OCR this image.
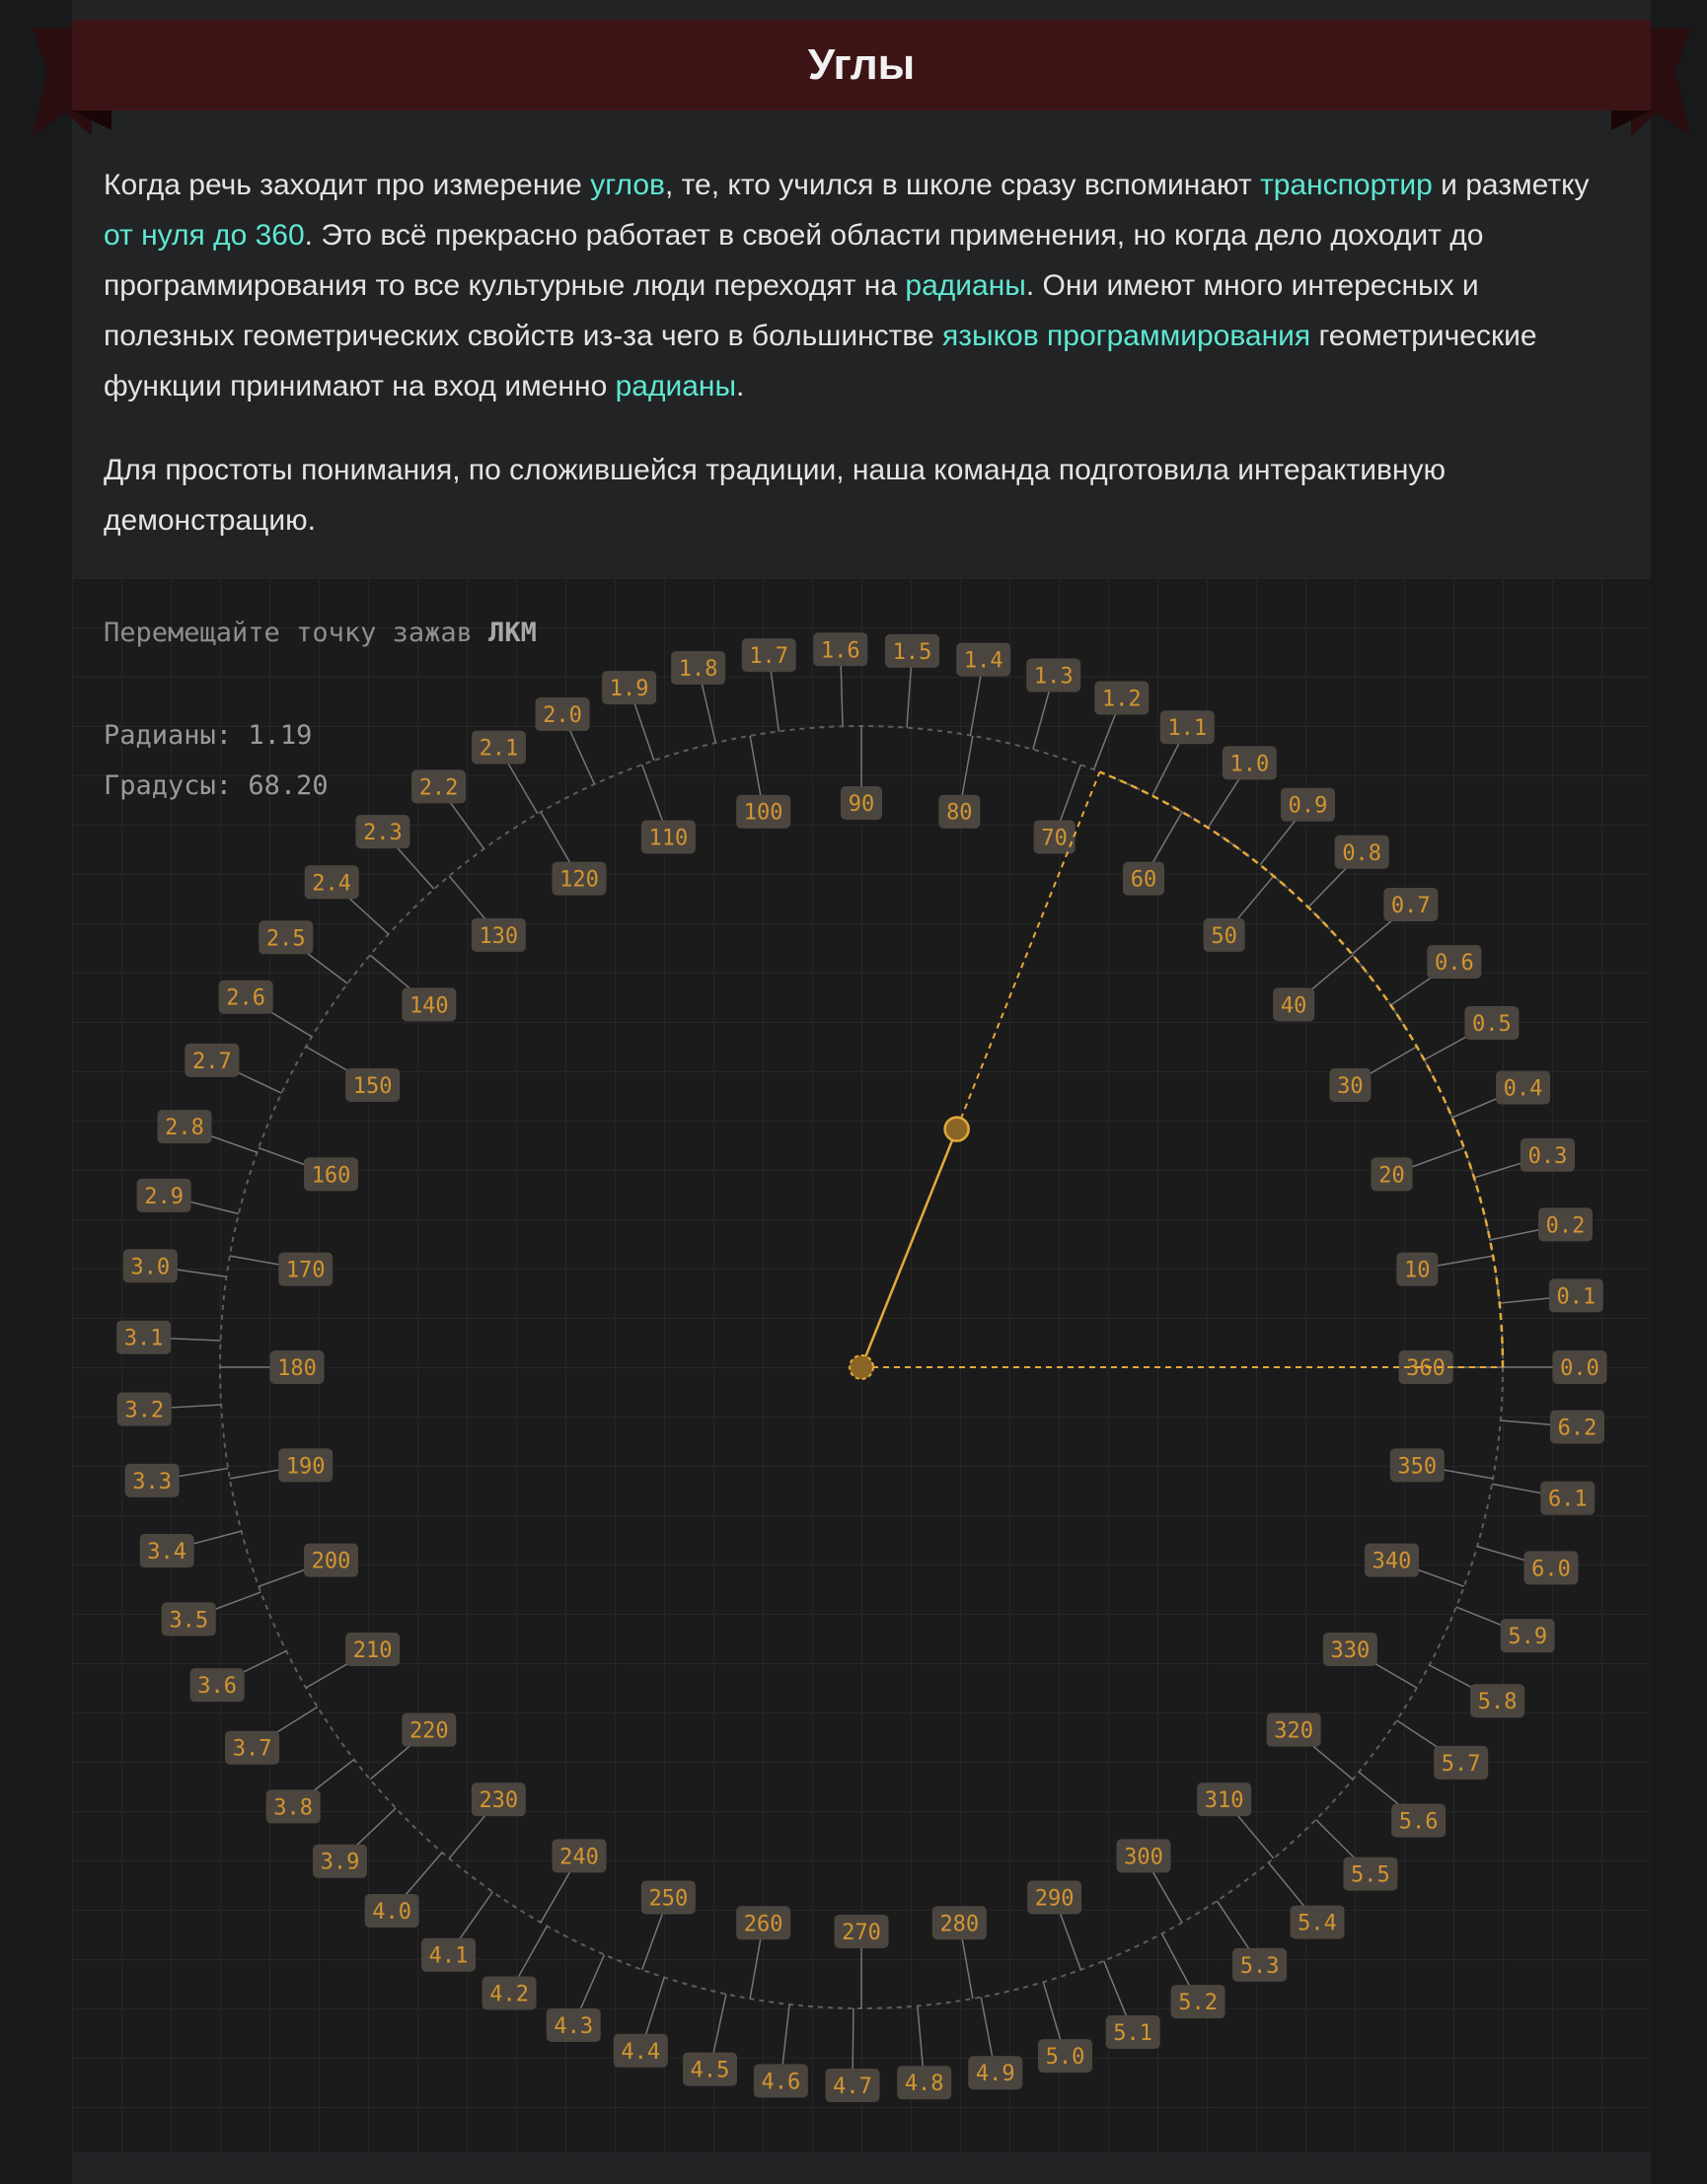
Углы

Когда речь заходит про измерение углов, те, кто учился в школе сразу вспоминают транспортир и разметку от нуля до 360. Это всё прекрасно работает в своей области применения, но когда дело доходит до программирования то все культурные люди переходят на радианы. Они имеют много интересных и полезных геометрических свойств из-за чего в большинстве языков программирования геометрические функции принимают на вход именно радианы.

Для простоты понимания, по сложившейся традиции, наша команда подготовила интерактивную демонстрацию.

0.0
0.1
0.2
0.3
0.4
0.5
0.6
0.7
0.8
0.9
1.0
1.1
1.2
1.3
1.4
1.5
1.6
1.7
1.8
1.9
2.0
2.1
2.2
2.3
2.4
2.5
2.6
2.7
2.8
2.9
3.0
3.1
3.2
3.3
3.4
3.5
3.6
3.7
3.8
3.9
4.0
4.1
4.2
4.3
4.4
4.5 4.6 4.7 4.8 4.9
5.0
5.1
5.2
5.3
5.4
5.5
5.6
5.7
5.8
5.9
6.0
6.1
6.2
360
10
20
30
40
50
60
70
80
90
100
110
120
130
140
150
160
170
180
190
200
210
220
230
240
250
260	270	280
290
300
310
320
330
340
350
Перемещайте точку зажав ЛКМ
Радианы: 1.19
Градусы: 68.20
